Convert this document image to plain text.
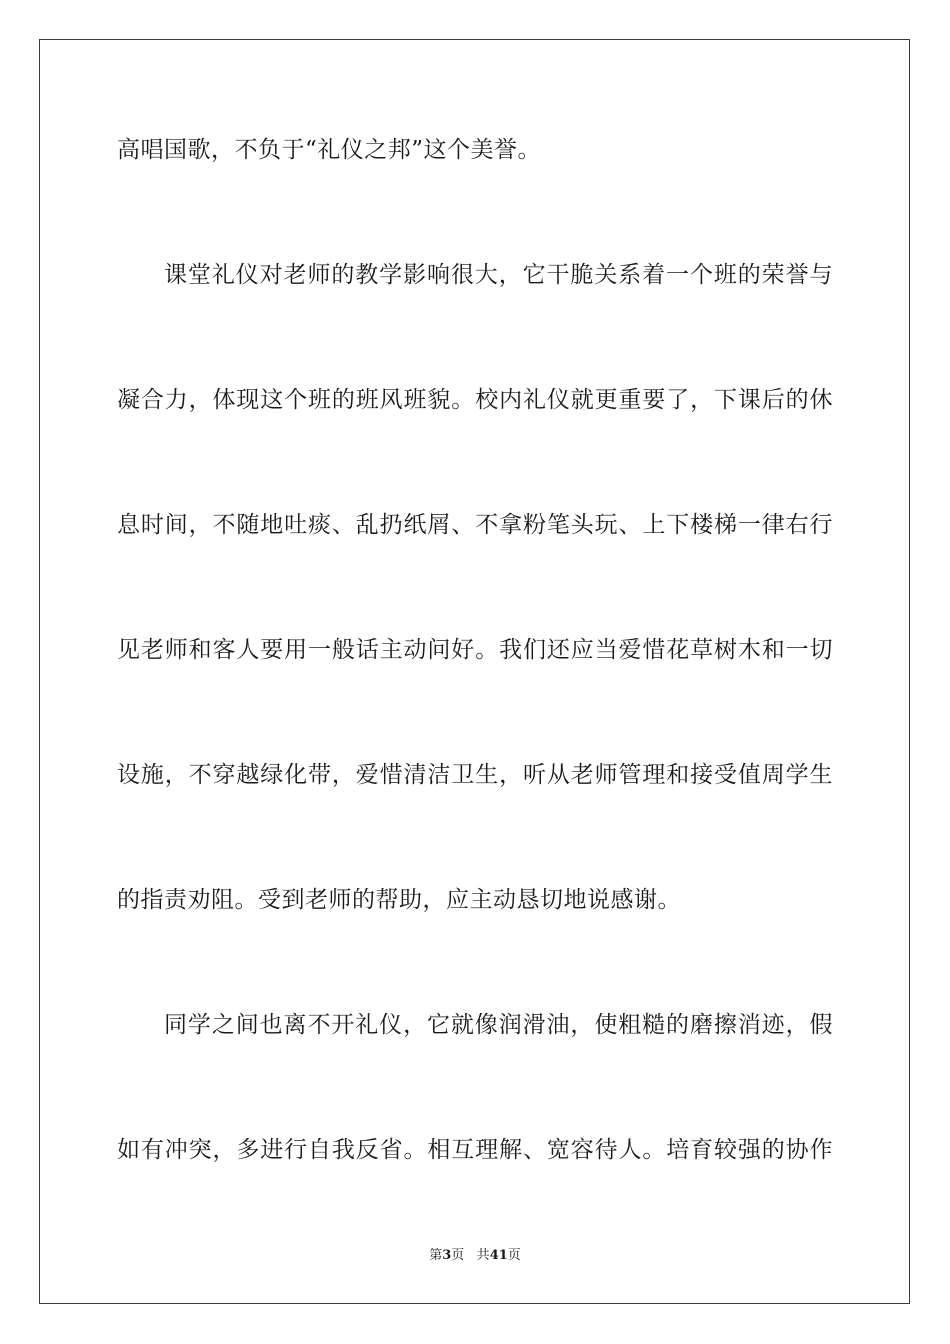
高唱国歌，不负于“礼仪之邦”这个美誉。
课堂礼仪对老师的教学影响很大，它干脆关系着一个班的荣誉与
凝合力，体现这个班的班风班貌。校内礼仪就更重要了，下课后的休
息时间，不随地吐痰、乱扔纸屑、不拿粉笔头玩、上下楼梯一律右行
见老师和客人要用一般话主动问好。我们还应当爱惜花草树木和一切
设施，不穿越绿化带，爱惜清洁卫生，听从老师管理和接受值周学生
的指责劝阻。受到老师的帮助，应主动恳切地说感谢。
同学之间也离不开礼仪，它就像润滑油，使粗糙的磨擦消迹，假
如有冲突，多进行自我反省。相互理解、宽容待人。培育较强的协作
第3页 共41页
